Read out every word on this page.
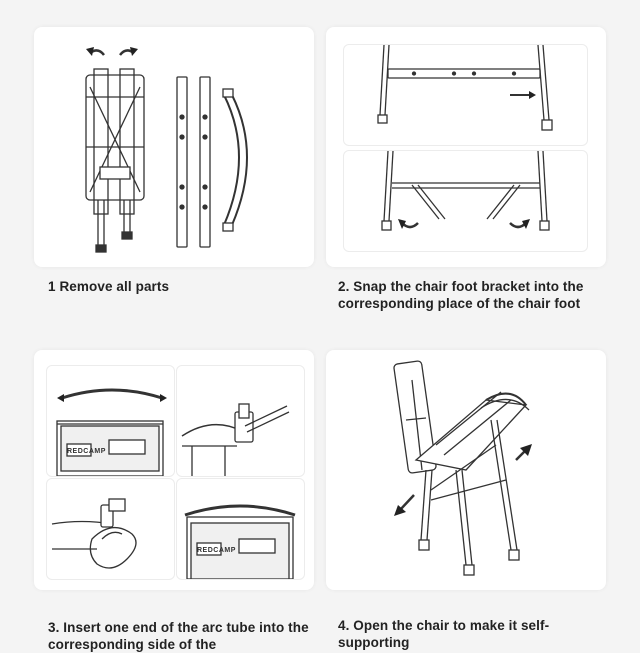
1 Remove all parts	2. Snap the chair foot bracket into the corresponding place of the chair foot

REDCAMP
REDCAMP

3. Insert one end of the arc tube into the corresponding side of the

4. Open the chair to make it self-supporting
